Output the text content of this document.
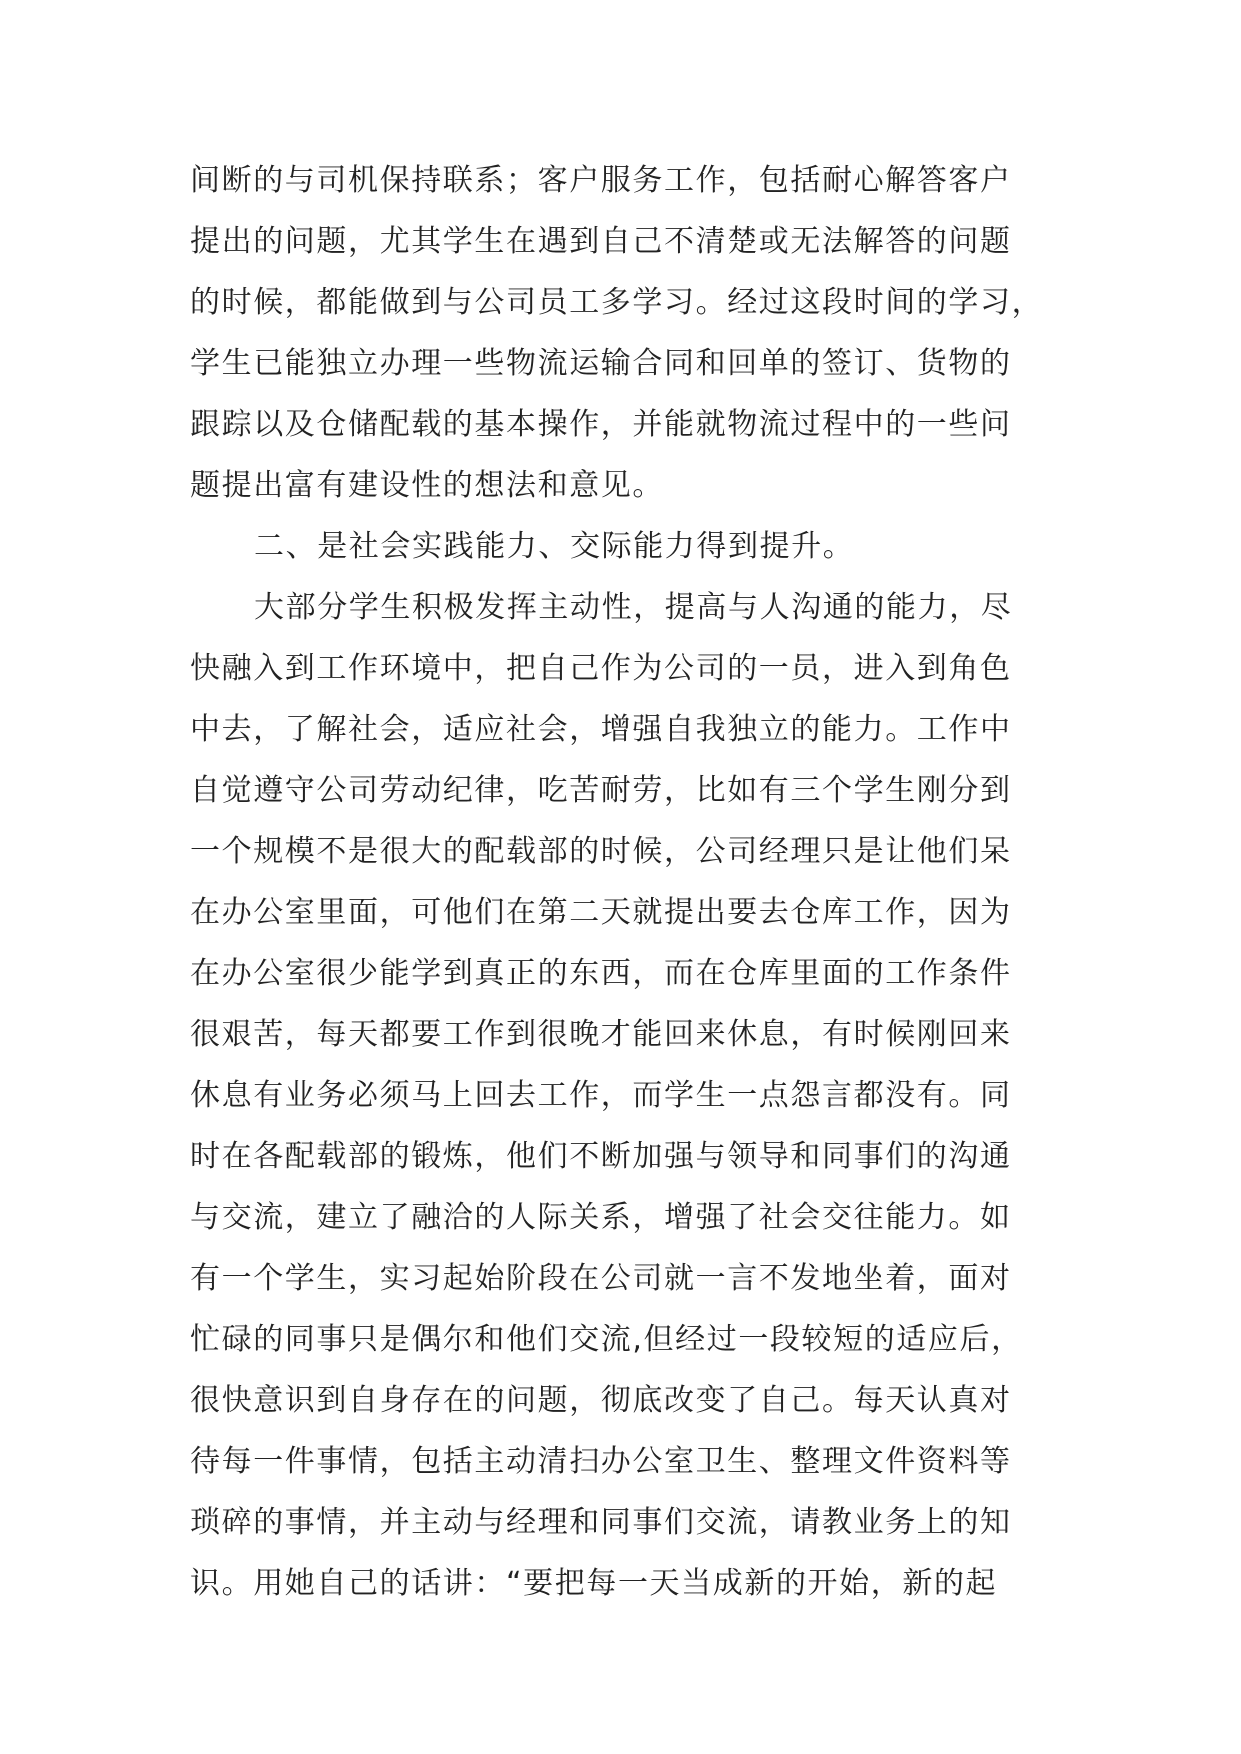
间断的与司机保持联系；客户服务工作，包括耐心解答客户
提出的问题，尤其学生在遇到自己不清楚或无法解答的问题
的时候，都能做到与公司员工多学习。经过这段时间的学习，
学生已能独立办理一些物流运输合同和回单的签订、货物的
跟踪以及仓储配载的基本操作，并能就物流过程中的一些问
题提出富有建设性的想法和意见。
二、是社会实践能力、交际能力得到提升。
大部分学生积极发挥主动性，提高与人沟通的能力，尽
快融入到工作环境中，把自己作为公司的一员，进入到角色
中去，了解社会，适应社会，增强自我独立的能力。工作中
自觉遵守公司劳动纪律，吃苦耐劳，比如有三个学生刚分到
一个规模不是很大的配载部的时候，公司经理只是让他们呆
在办公室里面，可他们在第二天就提出要去仓库工作，因为
在办公室很少能学到真正的东西，而在仓库里面的工作条件
很艰苦，每天都要工作到很晚才能回来休息，有时候刚回来
休息有业务必须马上回去工作，而学生一点怨言都没有。同
时在各配载部的锻炼，他们不断加强与领导和同事们的沟通
与交流，建立了融洽的人际关系，增强了社会交往能力。如
有一个学生，实习起始阶段在公司就一言不发地坐着，面对
忙碌的同事只是偶尔和他们交流,但经过一段较短的适应后，
很快意识到自身存在的问题，彻底改变了自己。每天认真对
待每一件事情，包括主动清扫办公室卫生、整理文件资料等
琐碎的事情，并主动与经理和同事们交流，请教业务上的知
识。用她自己的话讲：“要把每一天当成新的开始，新的起
